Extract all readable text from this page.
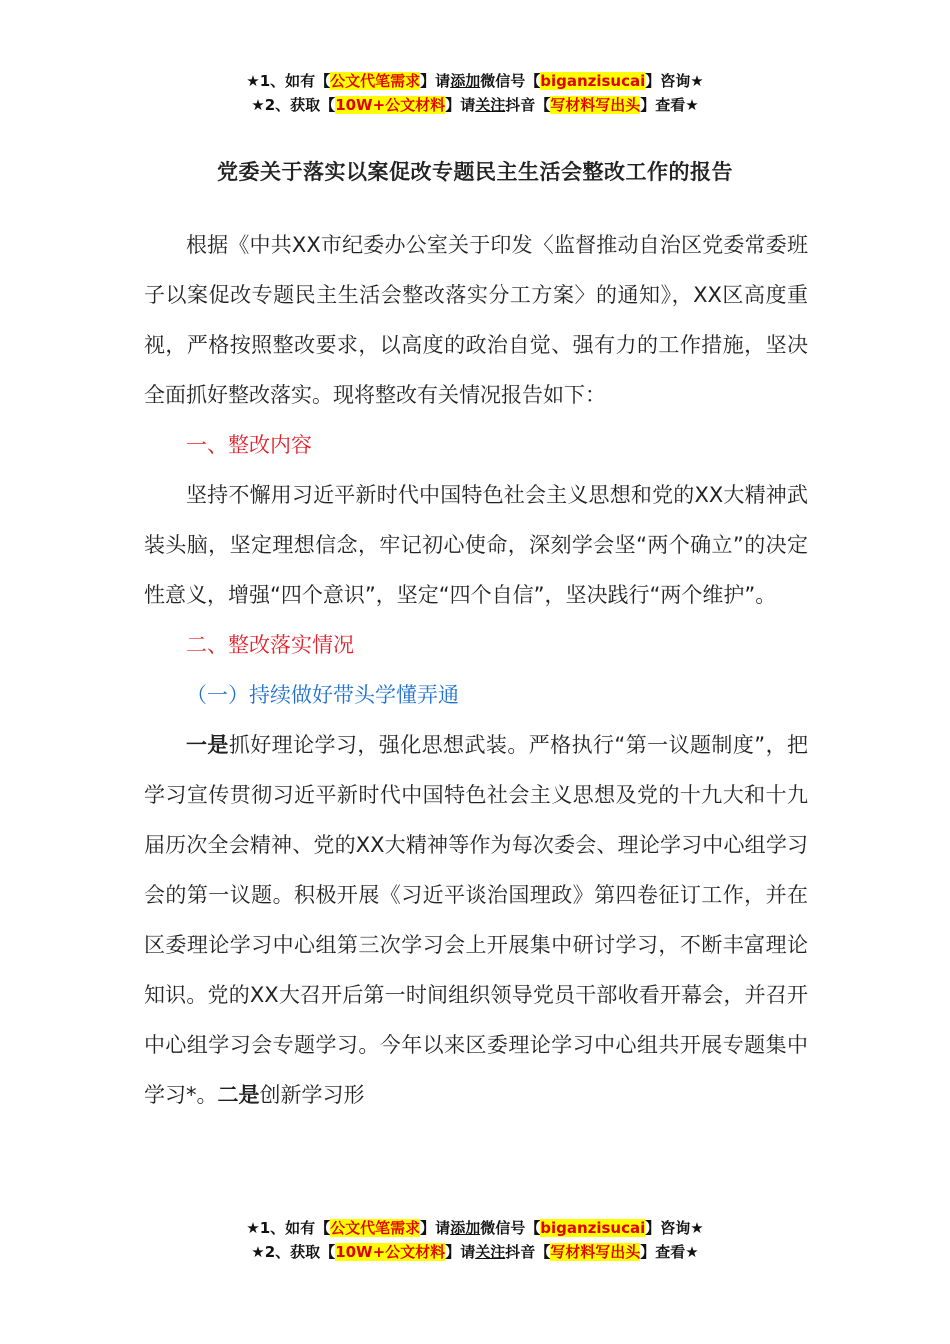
★1、如有【公文代笔需求】请添加微信号【biganzisucai】咨询★
★2、获取【10W+公文材料】请关注抖音【写材料写出头】查看★
党委关于落实以案促改专题民主生活会整改工作的报告

根据《中共XX市纪委办公室关于印发〈监督推动自治区党委常委班子以案促改专题民主生活会整改落实分工方案〉的通知》，XX区高度重视，严格按照整改要求，以高度的政治自觉、强有力的工作措施，坚决全面抓好整改落实。现将整改有关情况报告如下：

一、整改内容

坚持不懈用习近平新时代中国特色社会主义思想和党的XX大精神武装头脑，坚定理想信念，牢记初心使命，深刻学会坚“两个确立”的决定性意义，增强“四个意识”，坚定“四个自信”，坚决践行“两个维护”。

二、整改落实情况

（一）持续做好带头学懂弄通

一是抓好理论学习，强化思想武装。严格执行“第一议题制度”，把学习宣传贯彻习近平新时代中国特色社会主义思想及党的十九大和十九届历次全会精神、党的XX大精神等作为每次委会、理论学习中心组学习会的第一议题。积极开展《习近平谈治国理政》第四卷征订工作，并在区委理论学习中心组第三次学习会上开展集中研讨学习，不断丰富理论知识。党的XX大召开后第一时间组织领导党员干部收看开幕会，并召开中心组学习会专题学习。今年以来区委理论学习中心组共开展专题集中学习*。二是创新学习形

★1、如有【公文代笔需求】请添加微信号【biganzisucai】咨询★
★2、获取【10W+公文材料】请关注抖音【写材料写出头】查看★
